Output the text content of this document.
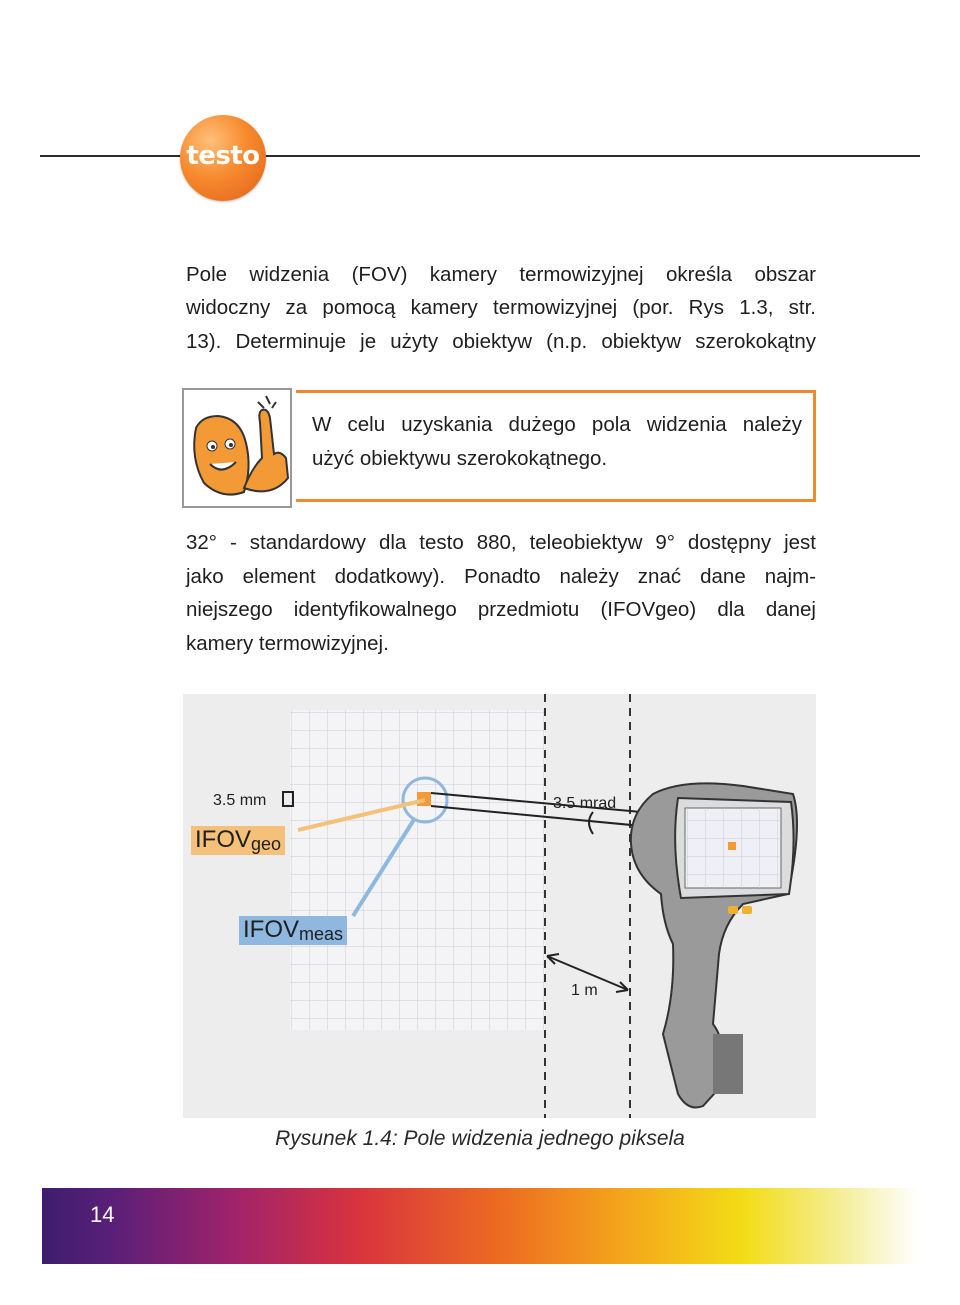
testo

Pole widzenia (FOV) kamery termowizyjnej określa obszar

widoczny za pomocą kamery termowizyjnej (por. Rys 1.3, str.

13). Determinuje je użyty obiektyw (n.p. obiektyw szerokokątny

W celu uzyskania dużego pola widzenia należy

użyć obiektywu szerokokątnego.

32° - standardowy dla testo 880, teleobiektyw 9° dostępny jest

jako element dodatkowy). Ponadto należy znać dane najm-

niejszego identyfikowalnego przedmiotu (IFOVgeo) dla danej

kamery termowizyjnej.

3.5 mm	3.5 mrad
1 m
$IFOV_{geo}$
$IFOV_{meas}$
Rysunek 1.4: Pole widzenia jednego piksela
14
